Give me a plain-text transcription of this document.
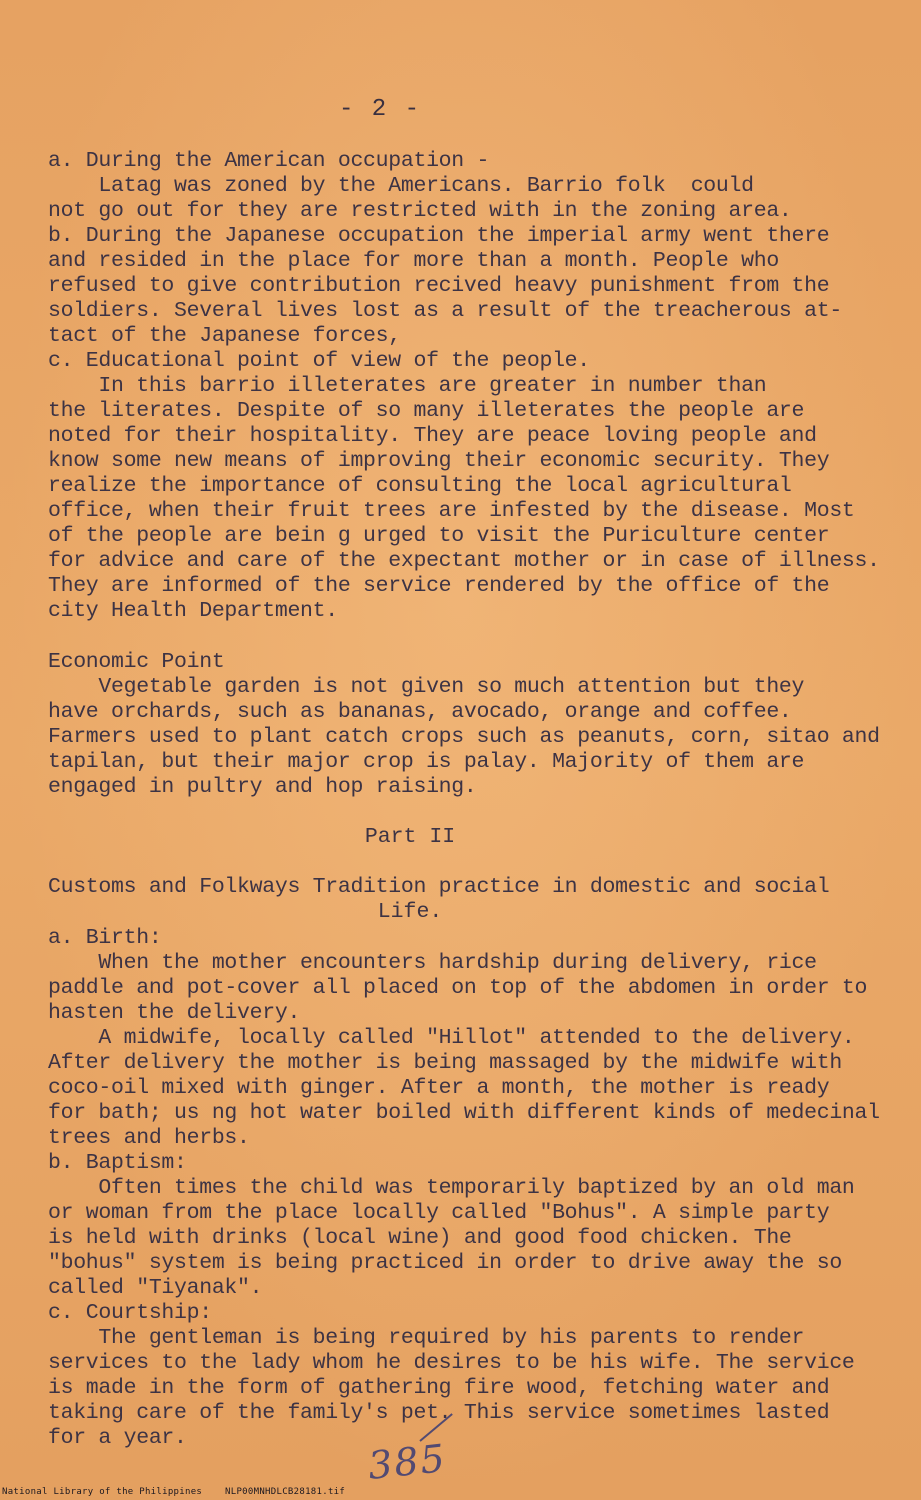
- 2 -
a. During the American occupation -
Latag was zoned by the Americans. Barrio folk  could
not go out for they are restricted with in the zoning area.
b. During the Japanese occupation the imperial army went there
and resided in the place for more than a month. People who
refused to give contribution recived heavy punishment from the
soldiers. Several lives lost as a result of the treacherous at-
tact of the Japanese forces,
c. Educational point of view of the people.
In this barrio illeterates are greater in number than
the literates. Despite of so many illeterates the people are
noted for their hospitality. They are peace loving people and
know some new means of improving their economic security. They
realize the importance of consulting the local agricultural
office, when their fruit trees are infested by the disease. Most
of the people are bein g urged to visit the Puriculture center
for advice and care of the expectant mother or in case of illness.
They are informed of the service rendered by the office of the
city Health Department.
Economic Point
Vegetable garden is not given so much attention but they
have orchards, such as bananas, avocado, orange and coffee.
Farmers used to plant catch crops such as peanuts, corn, sitao and
tapilan, but their major crop is palay. Majority of them are
engaged in pultry and hop raising.
Part II
Customs and Folkways Tradition practice in domestic and social
Life.
a. Birth:
When the mother encounters hardship during delivery, rice
paddle and pot-cover all placed on top of the abdomen in order to
hasten the delivery.
A midwife, locally called "Hillot" attended to the delivery.
After delivery the mother is being massaged by the midwife with
coco-oil mixed with ginger. After a month, the mother is ready
for bath; us ng hot water boiled with different kinds of medecinal
trees and herbs.
b. Baptism:
Often times the child was temporarily baptized by an old man
or woman from the place locally called "Bohus". A simple party
is held with drinks (local wine) and good food chicken. The
"bohus" system is being practiced in order to drive away the so
called "Tiyanak".
c. Courtship:
The gentleman is being required by his parents to render
services to the lady whom he desires to be his wife. The service
is made in the form of gathering fire wood, fetching water and
taking care of the family's pet. This service sometimes lasted
for a year.	385
National Library of the Philippines    NLP00MNHDLCB28181.tif
